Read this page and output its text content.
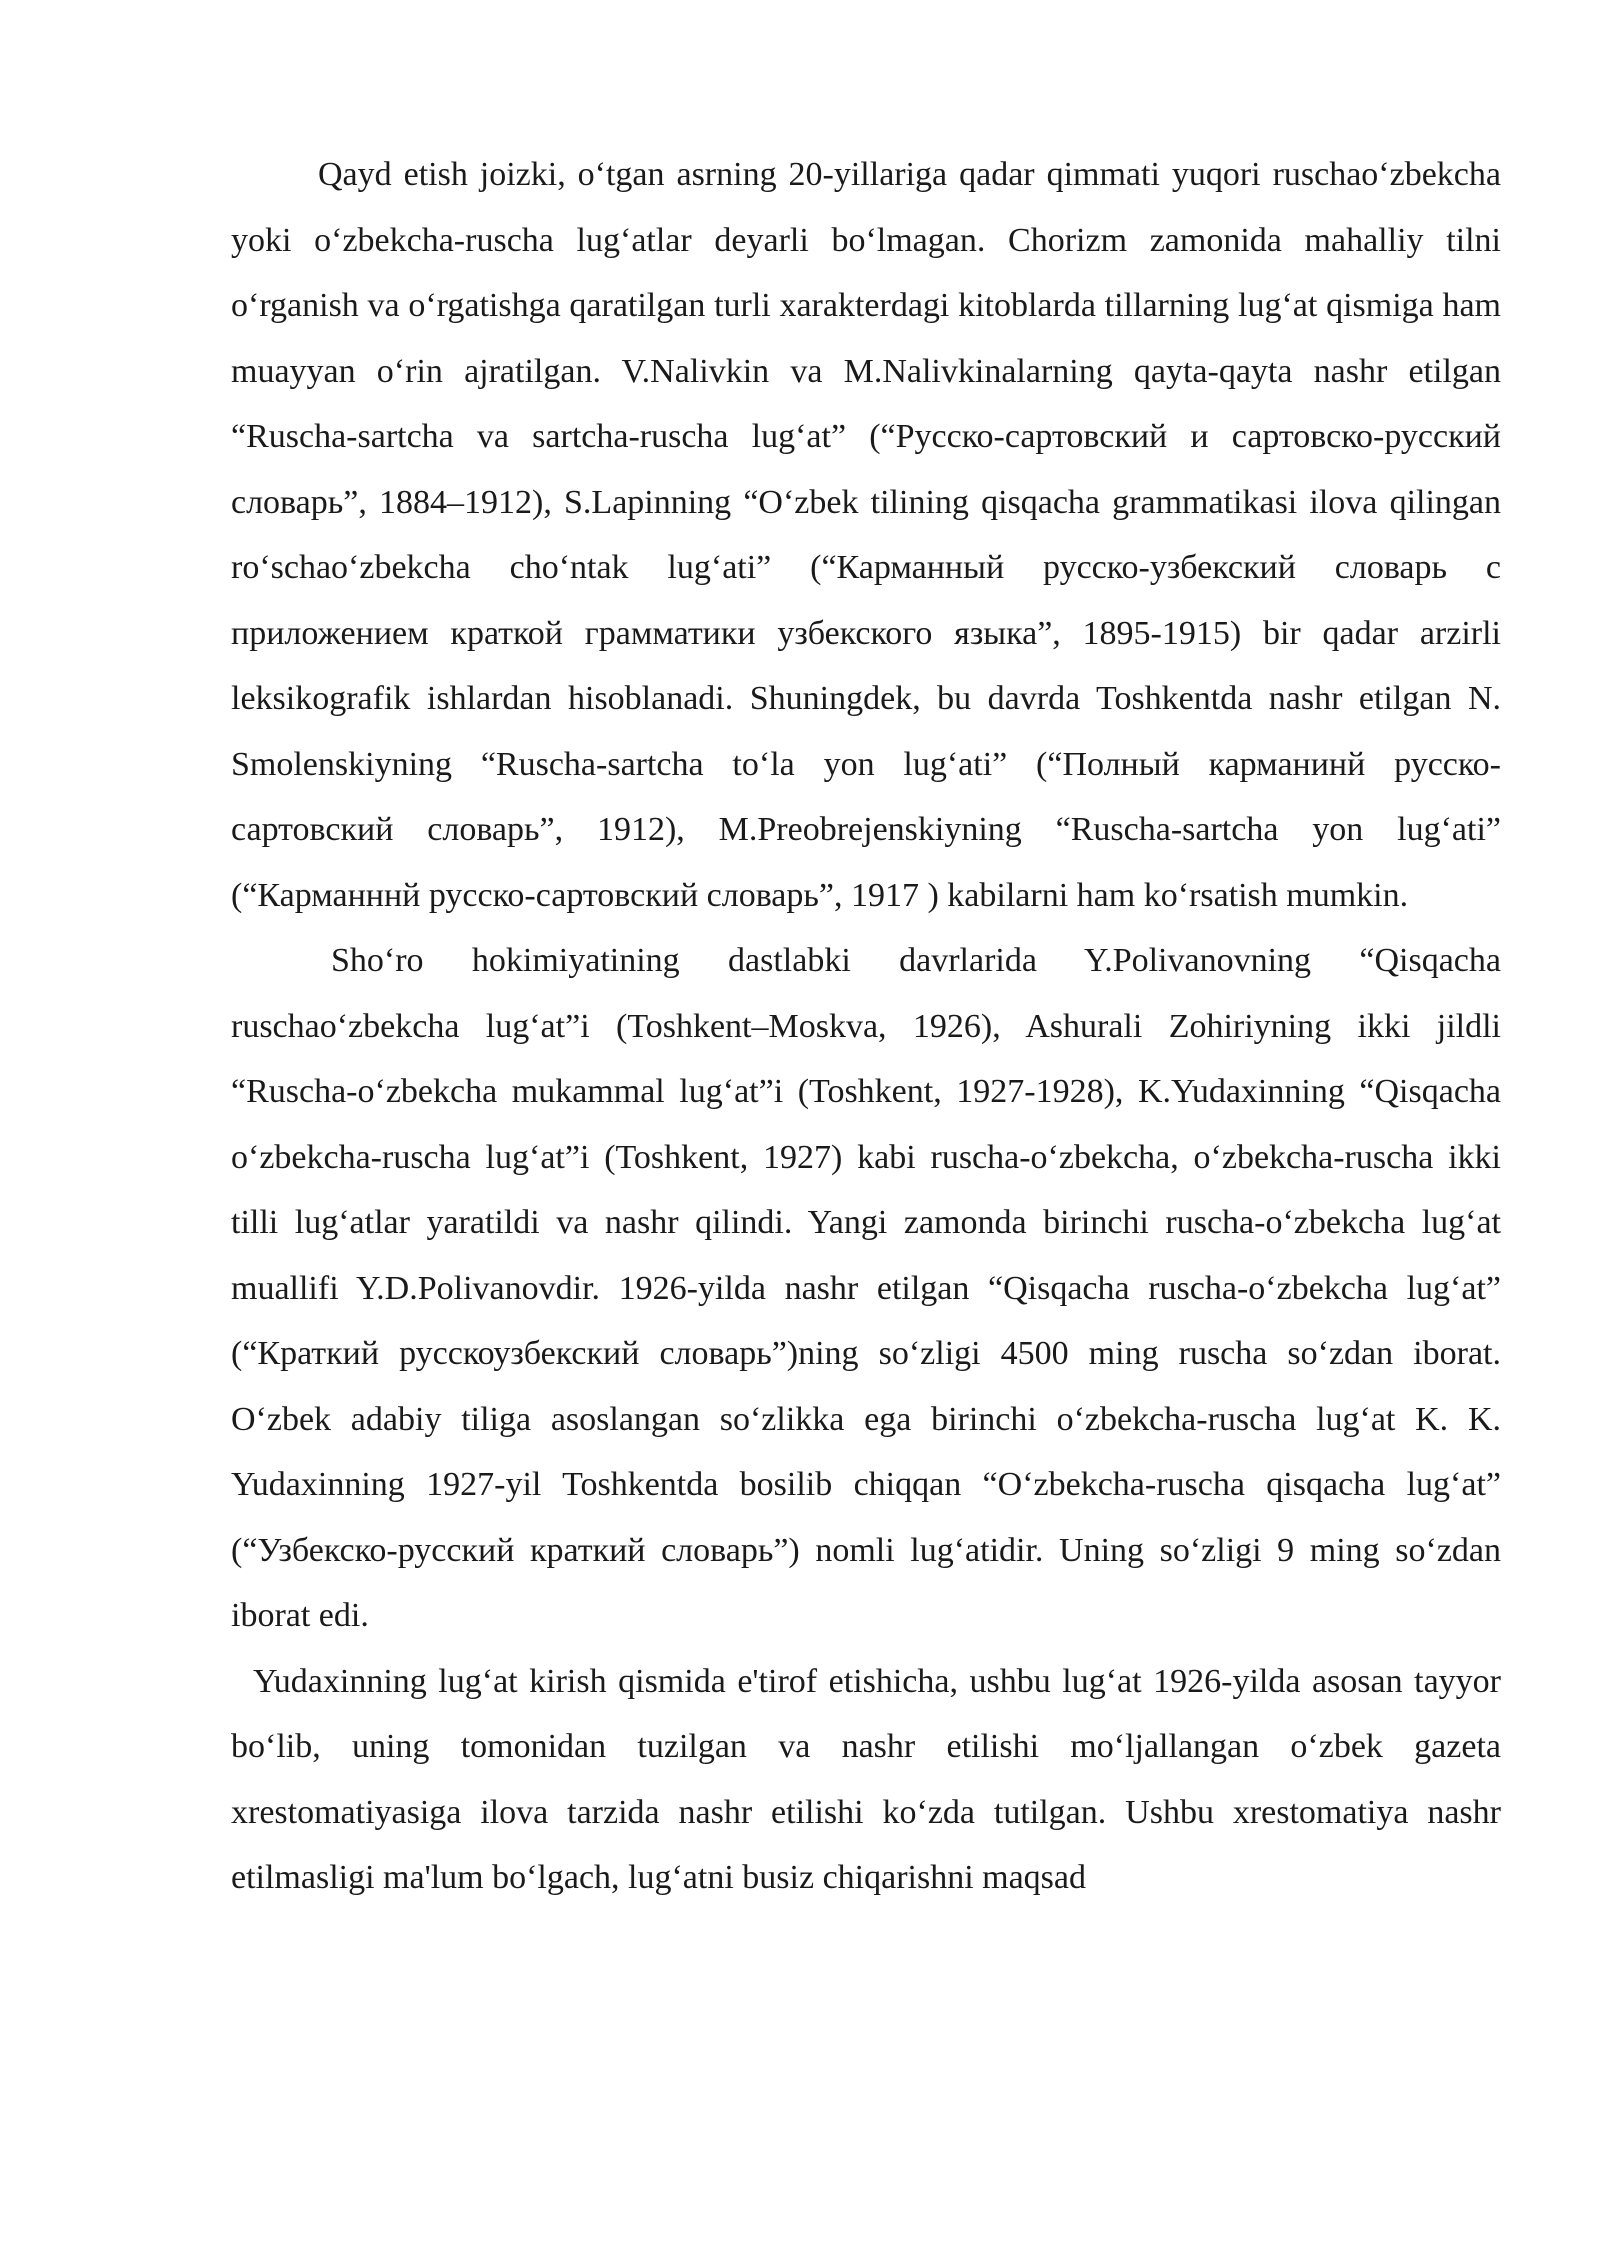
Qayd etish joizki, o‘tgan asrning 20-yillariga qadar qimmati yuqori ruschao‘zbekcha yoki o‘zbekcha-ruscha lug‘atlar deyarli bo‘lmagan. Chorizm zamonida mahalliy tilni o‘rganish va o‘rgatishga qaratilgan turli xarakterdagi kitoblarda tillarning lug‘at qismiga ham muayyan o‘rin ajratilgan. V.Nalivkin va M.Nalivkinalarning qayta-qayta nashr etilgan “Ruscha-sartcha va sartcha-ruscha lug‘at” (“Русско-сартовский и сартовско-русский словарь”, 1884–1912), S.Lapinning “O‘zbek tilining qisqacha grammatikasi ilova qilingan ro‘schao‘zbekcha cho‘ntak lug‘ati” (“Карманный русско-узбекский словарь с приложением краткой грамматики узбекского языка”, 1895-1915) bir qadar arzirli leksikografik ishlardan hisoblanadi. Shuningdek, bu davrda Toshkentda nashr etilgan N. Smolenskiyning “Ruscha-sartcha to‘la yon lug‘ati” (“Полный карманинй русско-сартовский словарь”, 1912), M.Preobrejenskiyning “Ruscha-sartcha yon lug‘ati” (“Карманннй русско-сартовский словарь”, 1917 ) kabilarni ham ko‘rsatish mumkin.

Sho‘ro hokimiyatining dastlabki davrlarida Y.Polivanovning “Qisqacha ruschao‘zbekcha lug‘at”i (Toshkent–Moskva, 1926), Ashurali Zohiriyning ikki jildli “Ruscha-o‘zbekcha mukammal lug‘at”i (Toshkent, 1927-1928), K.Yudaxinning “Qisqacha o‘zbekcha-ruscha lug‘at”i (Toshkent, 1927) kabi ruscha-o‘zbekcha, o‘zbekcha-ruscha ikki tilli lug‘atlar yaratildi va nashr qilindi. Yangi zamonda birinchi ruscha-o‘zbekcha lug‘at muallifi Y.D.Polivanovdir. 1926-yilda nashr etilgan “Qisqacha ruscha-o‘zbekcha lug‘at” (“Краткий русскоузбекский словарь”)ning so‘zligi 4500 ming ruscha so‘zdan iborat. O‘zbek adabiy tiliga asoslangan so‘zlikka ega birinchi o‘zbekcha-ruscha lug‘at K. K. Yudaxinning 1927-yil Toshkentda bosilib chiqqan “O‘zbekcha-ruscha qisqacha lug‘at” (“Узбекско-русский краткий словарь”) nomli lug‘atidir. Uning so‘zligi 9 ming so‘zdan iborat edi.

Yudaxinning lug‘at kirish qismida e'tirof etishicha, ushbu lug‘at 1926-yilda asosan tayyor bo‘lib, uning tomonidan tuzilgan va nashr etilishi mo‘ljallangan o‘zbek gazeta xrestomatiyasiga ilova tarzida nashr etilishi ko‘zda tutilgan. Ushbu xrestomatiya nashr etilmasligi ma'lum bo‘lgach, lug‘atni busiz chiqarishni maqsad
